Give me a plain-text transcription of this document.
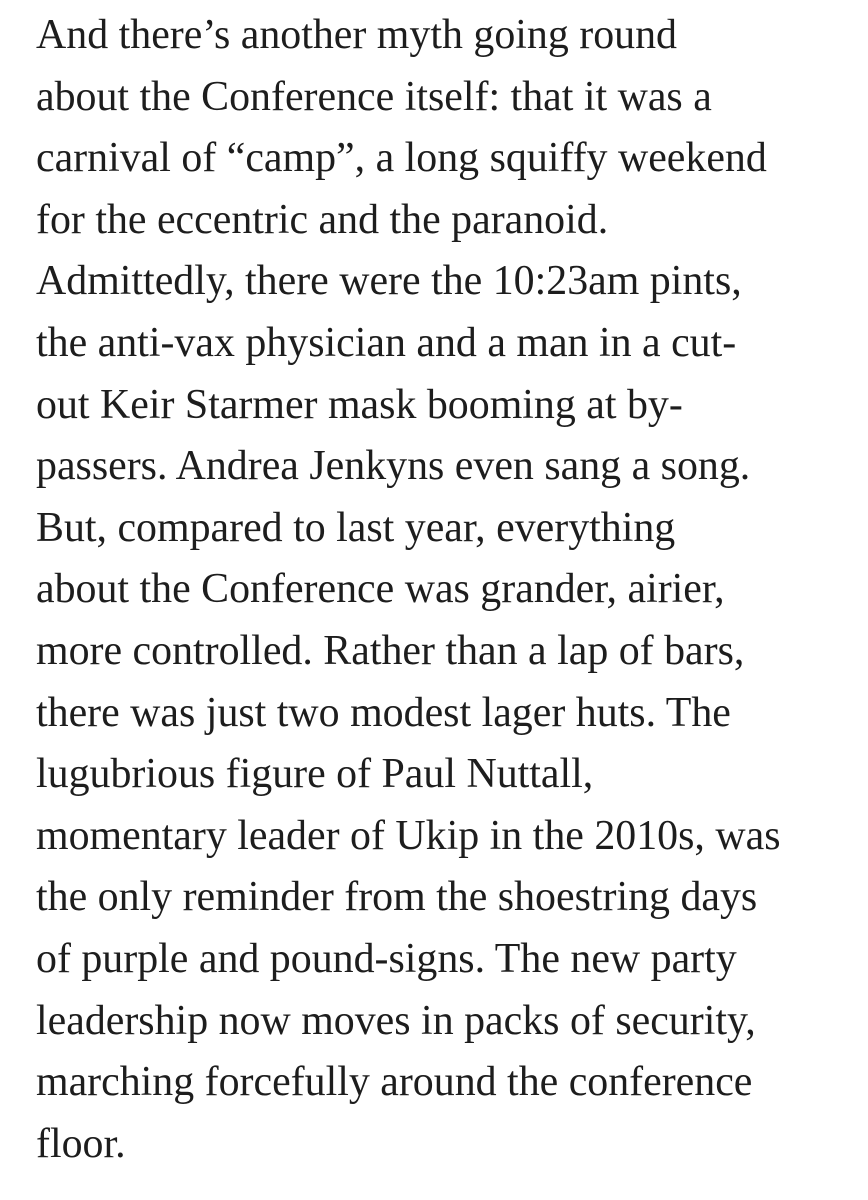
And there’s another myth going round
about the Conference itself: that it was a
carnival of “camp”, a long squiffy weekend
for the eccentric and the paranoid.
Admittedly, there were the 10:23am pints,
the anti-vax physician and a man in a cut-
out Keir Starmer mask booming at by-
passers. Andrea Jenkyns even sang a song.
But, compared to last year, everything
about the Conference was grander, airier,
more controlled. Rather than a lap of bars,
there was just two modest lager huts. The
lugubrious figure of Paul Nuttall,
momentary leader of Ukip in the 2010s, was
the only reminder from the shoestring days
of purple and pound-signs. The new party
leadership now moves in packs of security,
marching forcefully around the conference
floor.
